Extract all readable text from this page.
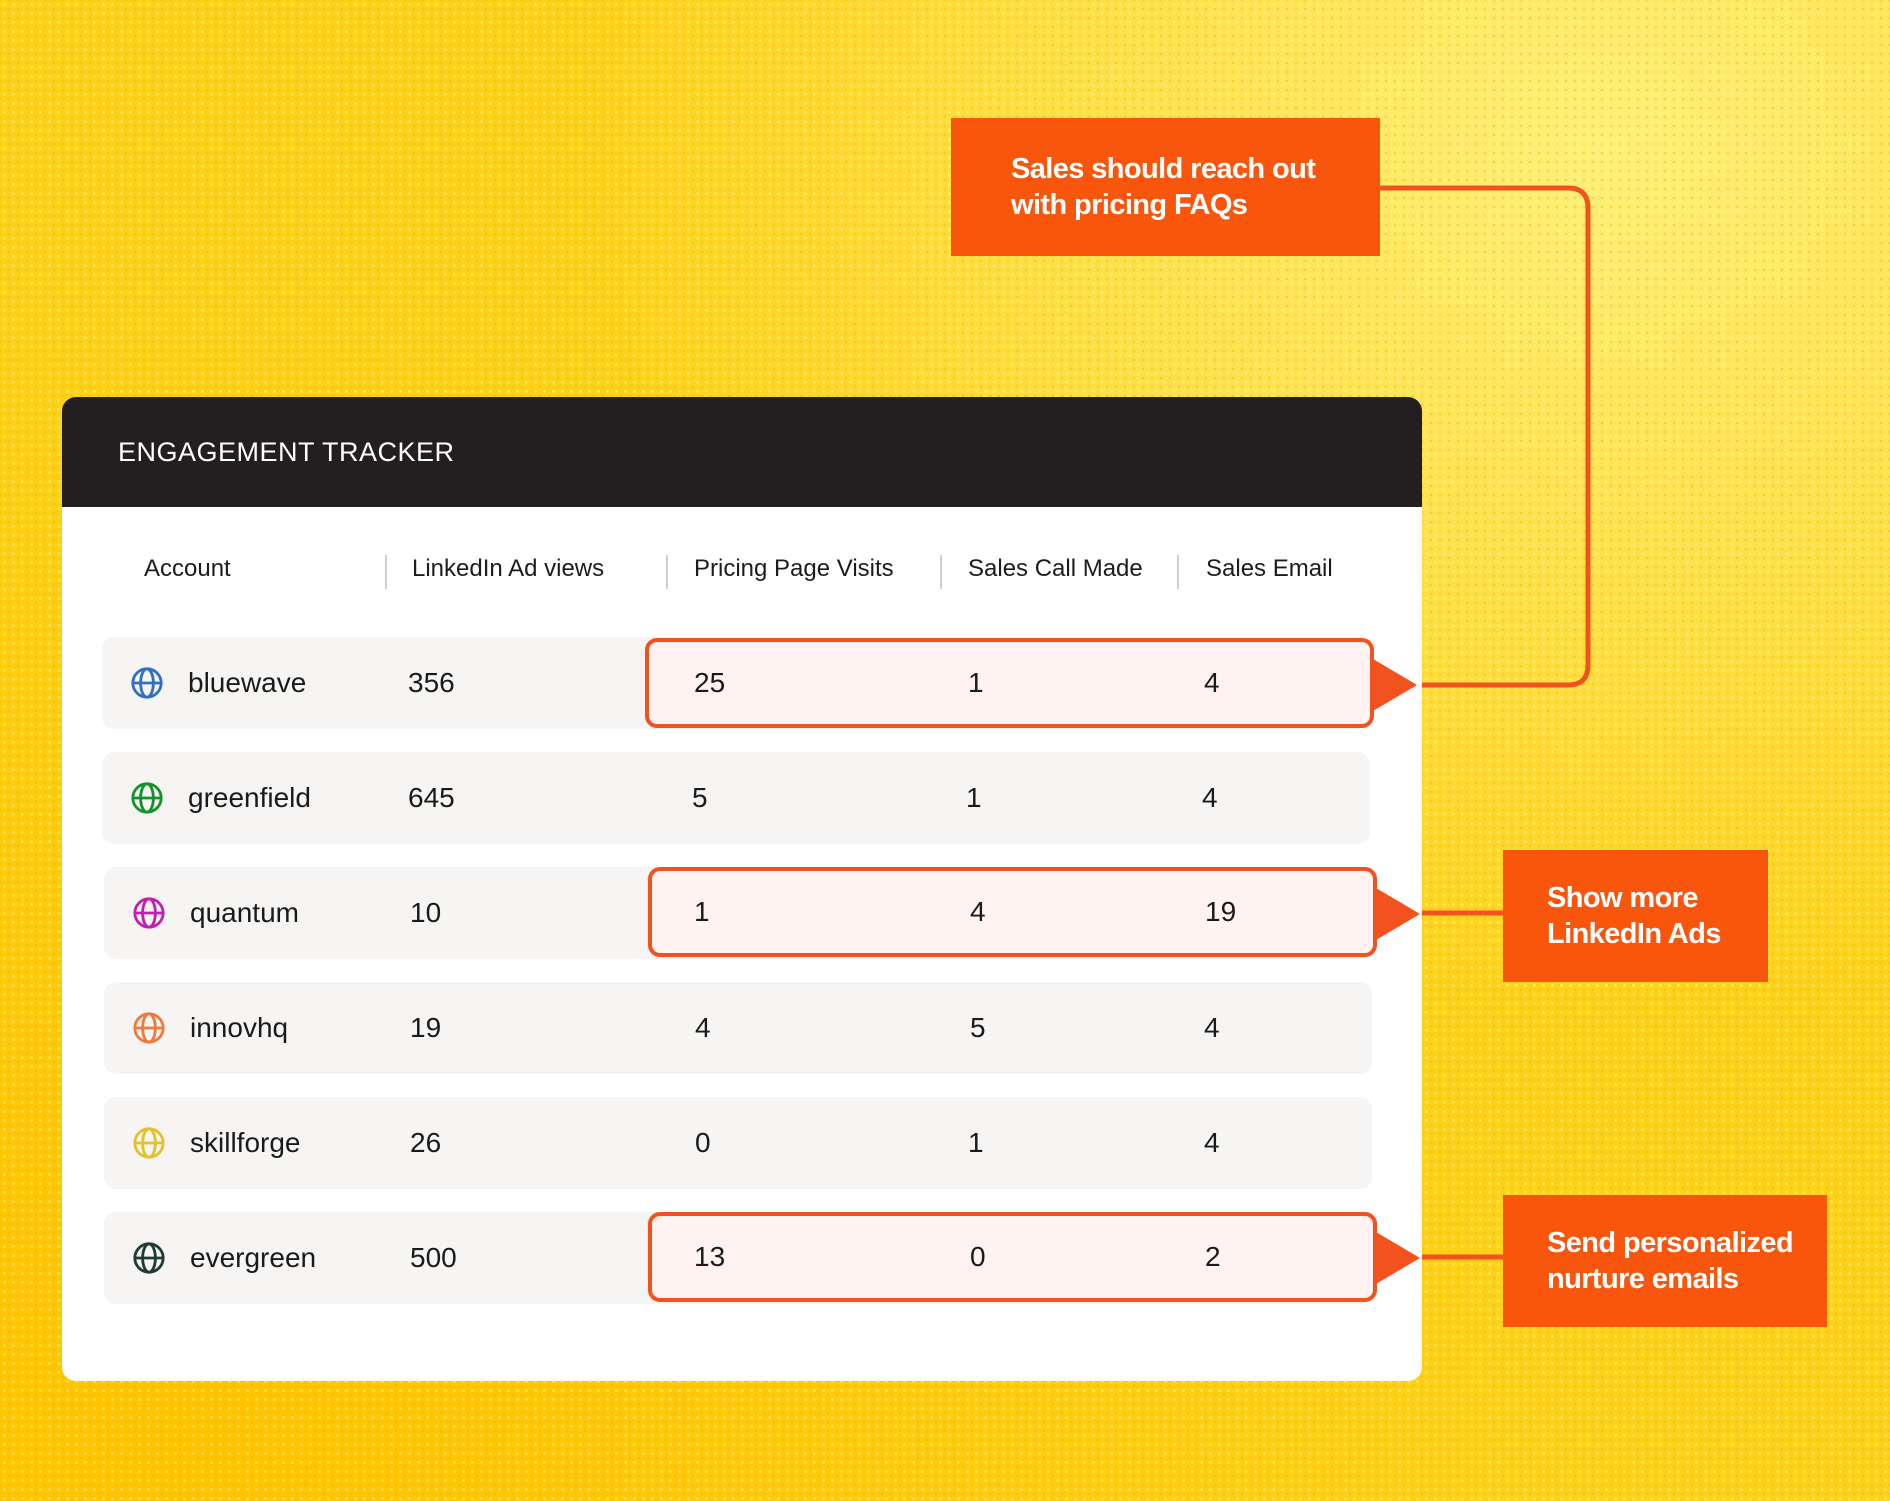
ENGAGEMENT TRACKER
Account	LinkedIn Ad views	Pricing Page Visits	Sales Call Made	Sales Email
bluewave	356	25	1	4
greenfield	645	5	1	4
quantum	10	1	4	19
innovhq	19	4	5	4
skillforge	26	0	1	4
evergreen	500	13	0	2
Sales should reach out with pricing FAQs
Show more LinkedIn Ads
Send personalized nurture emails
